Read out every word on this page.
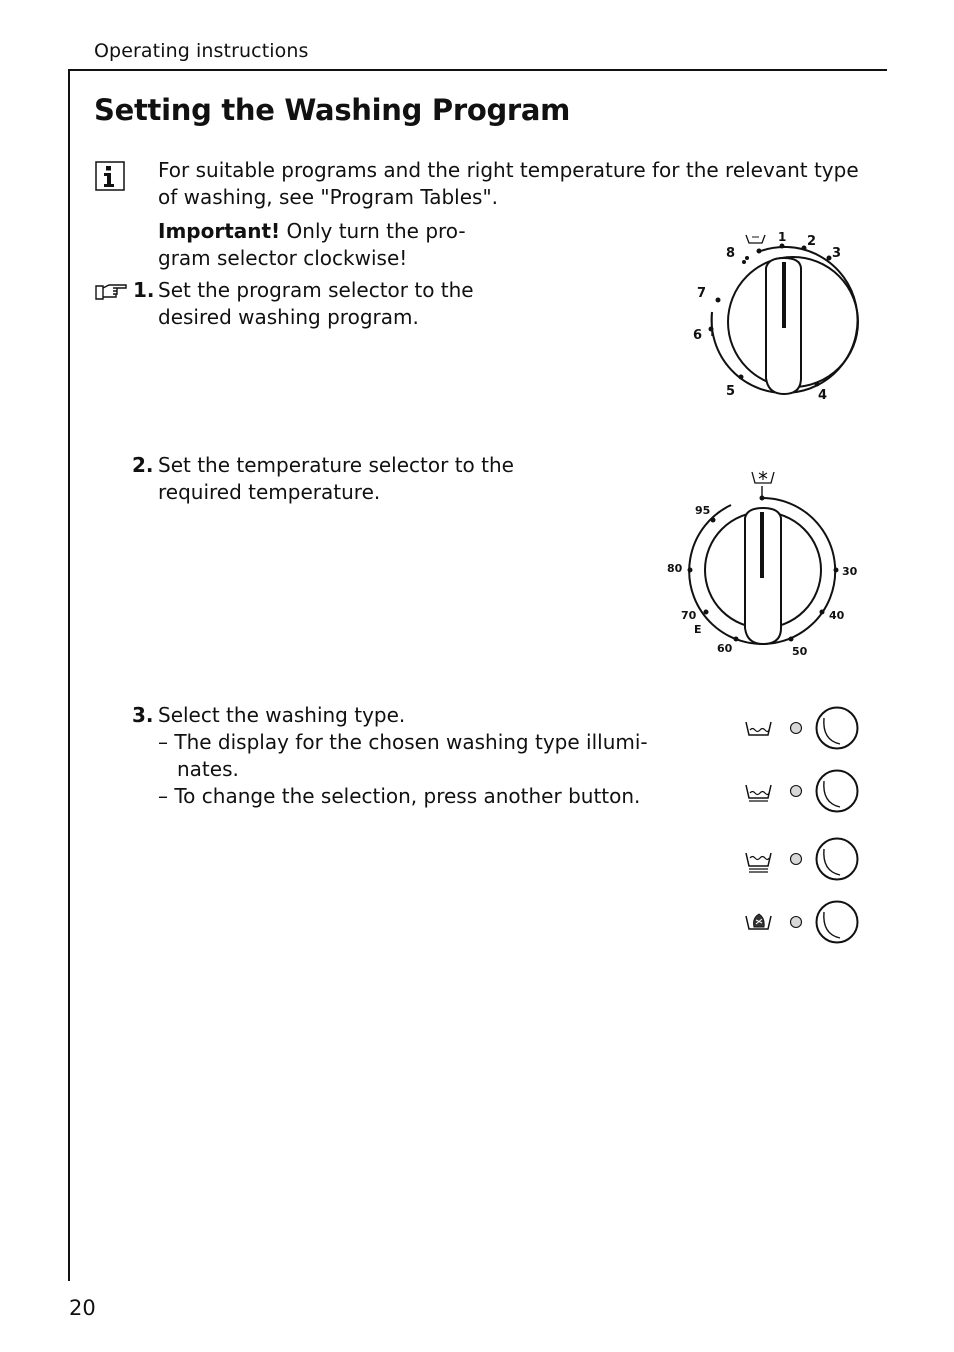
Operating instructions
20
Setting the Washing Program

For suitable programs and the right temperature for the relevant type

of washing, see "Program Tables".

Important! Only turn the pro-

gram selector clockwise!

1. Set the program selector to the

desired washing program.

2. Set the temperature selector to the

required temperature.

3. Select the washing type.

– The display for the chosen washing type illumi-

nates.

– To change the selection, press another button.

1 2
3
4
5
6
7
8
95
80
70
E
60	50
40
30
